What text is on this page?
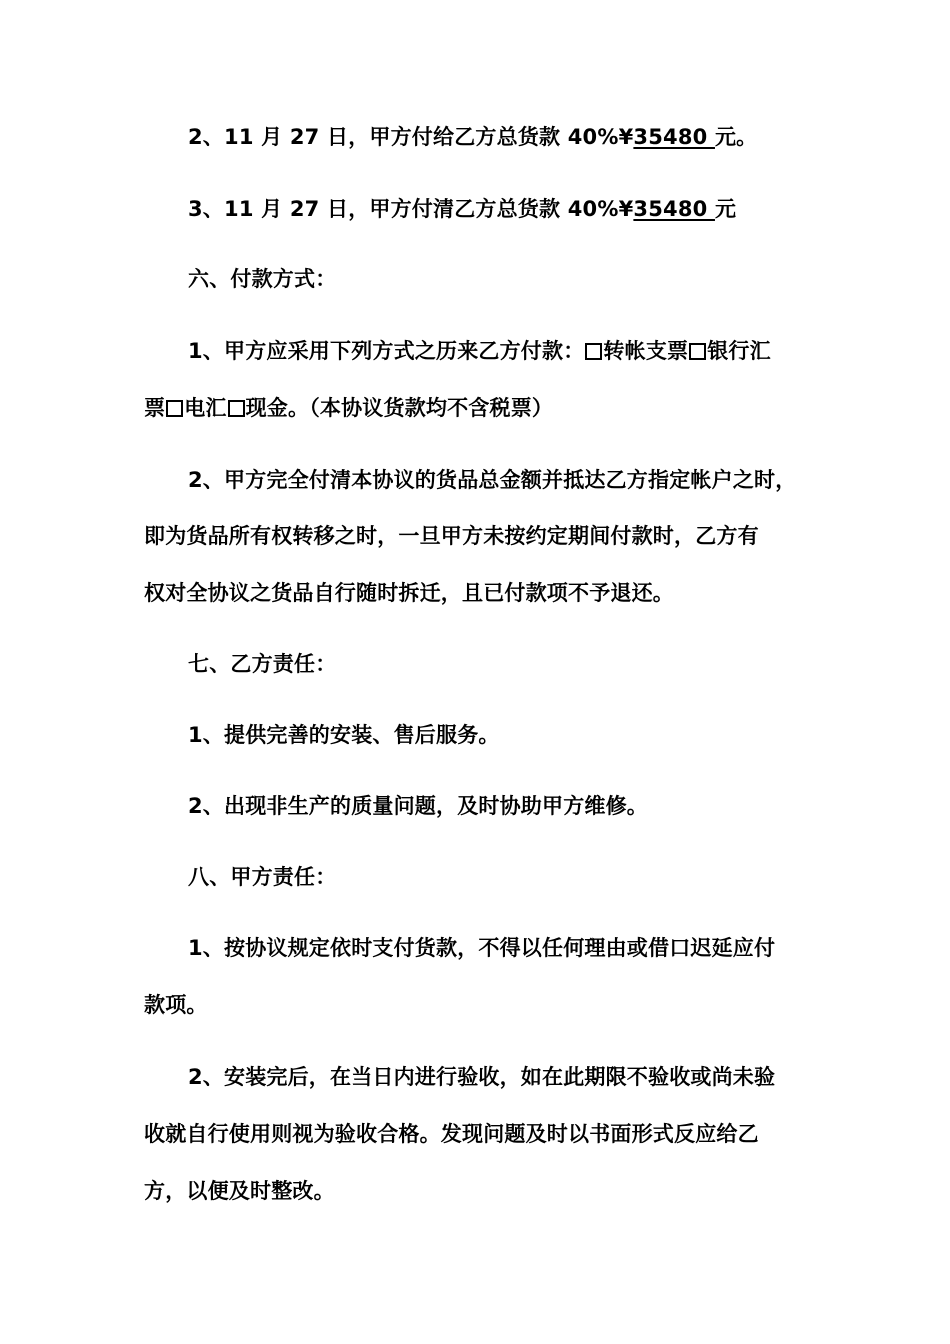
2、11 月 27 日，甲方付给乙方总货款 40%¥35480 元。
3、11 月 27 日，甲方付清乙方总货款 40%¥35480 元
六、付款方式：
1、甲方应采用下列方式之历来乙方付款： 转帐支票 银行汇
票 电汇 现金。（本协议货款均不含税票）
2、甲方完全付清本协议的货品总金额并抵达乙方指定帐户之时，
即为货品所有权转移之时，一旦甲方未按约定期间付款时，乙方有
权对全协议之货品自行随时拆迁，且已付款项不予退还。
七、乙方责任：
1、提供完善的安装、售后服务。
2、出现非生产的质量问题，及时协助甲方维修。
八、甲方责任：
1、按协议规定依时支付货款，不得以任何理由或借口迟延应付
款项。
2、安装完后，在当日内进行验收，如在此期限不验收或尚未验
收就自行使用则视为验收合格。发现问题及时以书面形式反应给乙
方，以便及时整改。
